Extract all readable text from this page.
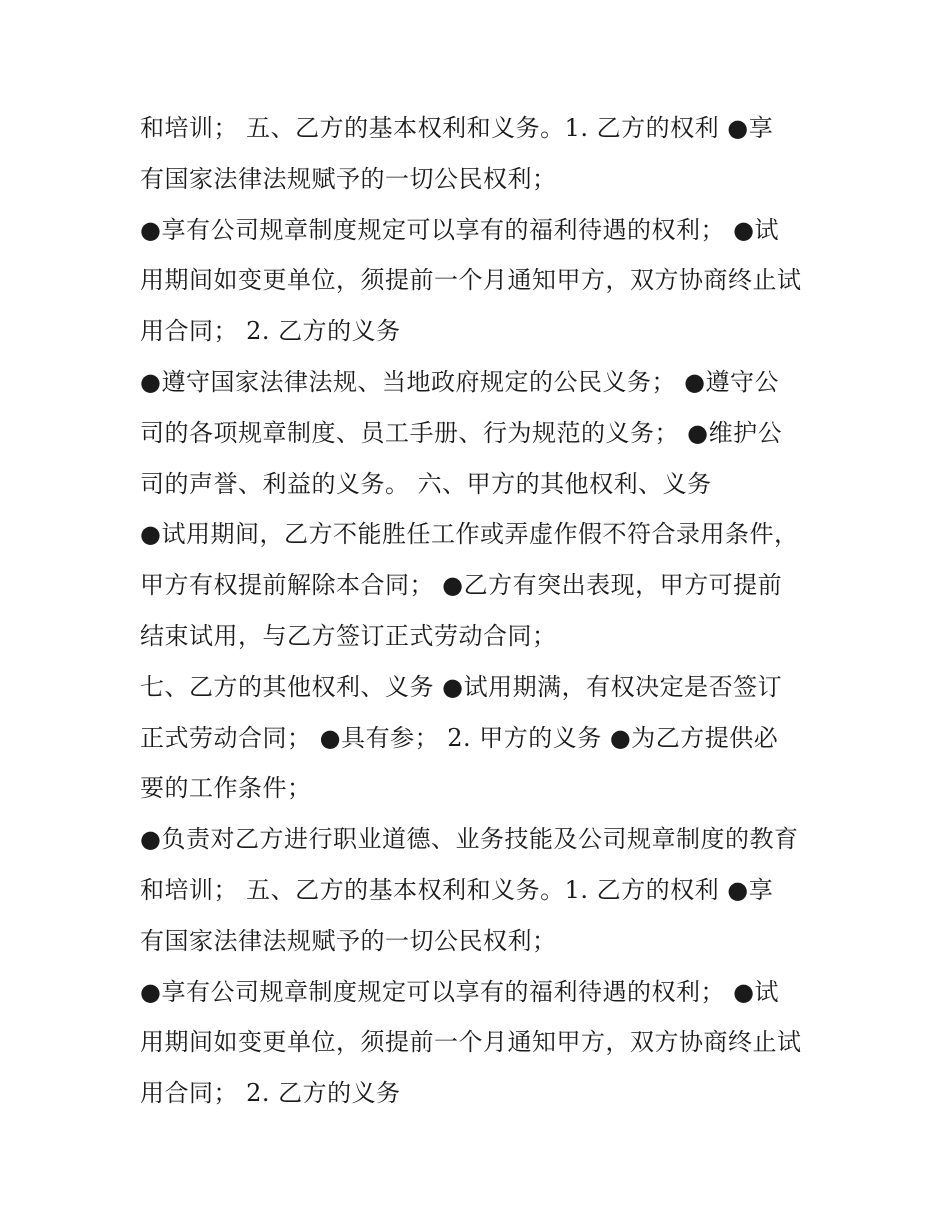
和培训； 五、乙方的基本权利和义务。1. 乙方的权利 ●享
有国家法律法规赋予的一切公民权利；
●享有公司规章制度规定可以享有的福利待遇的权利； ●试
用期间如变更单位，须提前一个月通知甲方，双方协商终止试
用合同； 2. 乙方的义务
●遵守国家法律法规、当地政府规定的公民义务； ●遵守公
司的各项规章制度、员工手册、行为规范的义务； ●维护公
司的声誉、利益的义务。 六、甲方的其他权利、义务
●试用期间，乙方不能胜任工作或弄虚作假不符合录用条件，
甲方有权提前解除本合同； ●乙方有突出表现，甲方可提前
结束试用，与乙方签订正式劳动合同；
七、乙方的其他权利、义务 ●试用期满，有权决定是否签订
正式劳动合同； ●具有参； 2. 甲方的义务 ●为乙方提供必
要的工作条件；
●负责对乙方进行职业道德、业务技能及公司规章制度的教育
和培训； 五、乙方的基本权利和义务。1. 乙方的权利 ●享
有国家法律法规赋予的一切公民权利；
●享有公司规章制度规定可以享有的福利待遇的权利； ●试
用期间如变更单位，须提前一个月通知甲方，双方协商终止试
用合同； 2. 乙方的义务
